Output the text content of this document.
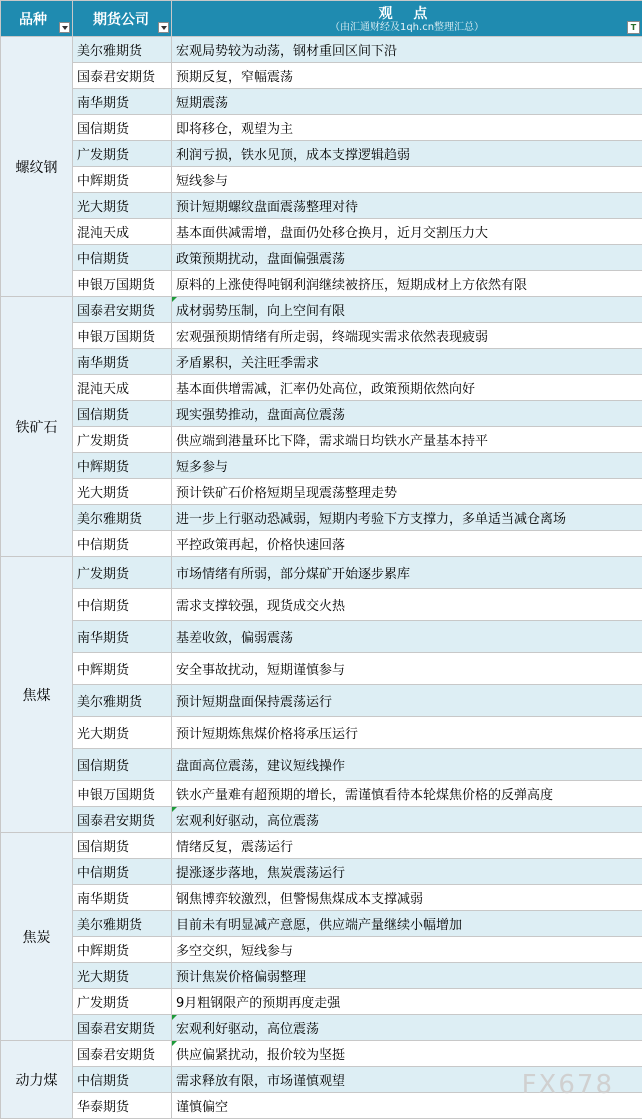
品种	期货公司	观 点
（由汇通财经及1qh.cn整理汇总） T

螺纹钢	美尔雅期货	宏观局势较为动荡，钢材重回区间下沿
	国泰君安期货	预期反复，窄幅震荡
	南华期货	短期震荡
	国信期货	即将移仓，观望为主
	广发期货	利润亏损，铁水见顶，成本支撑逻辑趋弱
	中辉期货	短线参与
	光大期货	预计短期螺纹盘面震荡整理对待
	混沌天成	基本面供减需增，盘面仍处移仓换月，近月交割压力大
	中信期货	政策预期扰动，盘面偏强震荡
	申银万国期货	原料的上涨使得吨钢利润继续被挤压，短期成材上方依然有限
铁矿石	国泰君安期货	成材弱势压制，向上空间有限
	申银万国期货	宏观强预期情绪有所走弱，终端现实需求依然表现疲弱
	南华期货	矛盾累积，关注旺季需求
	混沌天成	基本面供增需减，汇率仍处高位，政策预期依然向好
	国信期货	现实强势推动，盘面高位震荡
	广发期货	供应端到港量环比下降，需求端日均铁水产量基本持平
	中辉期货	短多参与
	光大期货	预计铁矿石价格短期呈现震荡整理走势
	美尔雅期货	进一步上行驱动恐减弱，短期内考验下方支撑力，多单适当减仓离场
	中信期货	平控政策再起，价格快速回落
焦煤	广发期货	市场情绪有所弱，部分煤矿开始逐步累库
	中信期货	需求支撑较强，现货成交火热
	南华期货	基差收敛，偏弱震荡
	中辉期货	安全事故扰动，短期谨慎参与
	美尔雅期货	预计短期盘面保持震荡运行
	光大期货	预计短期炼焦煤价格将承压运行
	国信期货	盘面高位震荡，建议短线操作
	申银万国期货	铁水产量难有超预期的增长，需谨慎看待本轮煤焦价格的反弹高度
	国泰君安期货	宏观利好驱动，高位震荡
焦炭	国信期货	情绪反复，震荡运行
	中信期货	提涨逐步落地，焦炭震荡运行
	南华期货	钢焦博弈较激烈，但警惕焦煤成本支撑减弱
	美尔雅期货	目前未有明显减产意愿，供应端产量继续小幅增加
	中辉期货	多空交织，短线参与
	光大期货	预计焦炭价格偏弱整理
	广发期货	9月粗钢限产的预期再度走强
	国泰君安期货	宏观利好驱动，高位震荡
动力煤	国泰君安期货	供应偏紧扰动，报价较为坚挺
	中信期货	需求释放有限，市场谨慎观望
	华泰期货	谨慎偏空
FX678
